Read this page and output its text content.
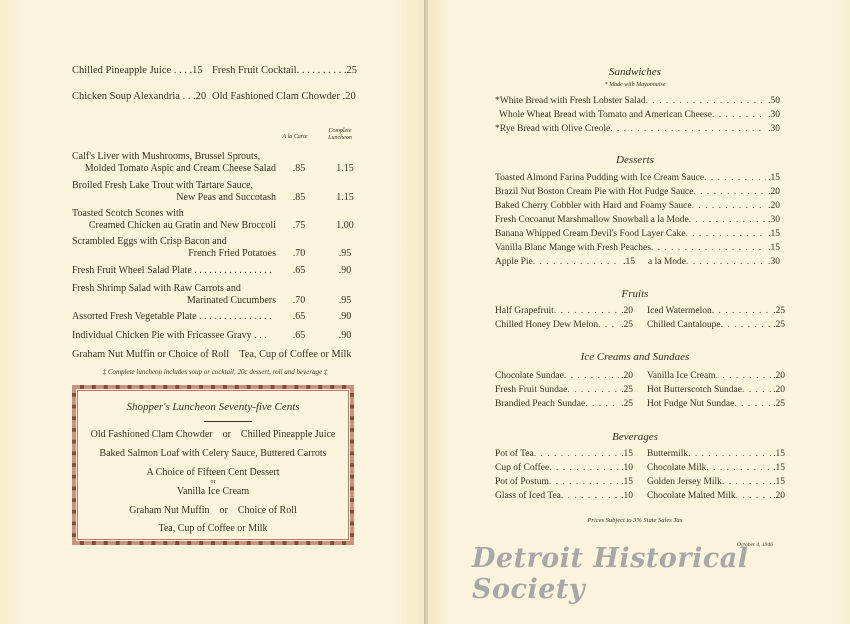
Chilled Pineapple Juice . . . .15 Fresh Fruit Cocktail. . . . . . . . . .25
Chicken Soup Alexandria . . .20 Old Fashioned Clam Chowder .20
A la Carte
Complete
Luncheon
Calf's Liver with Mushrooms, Brussel Sprouts,
Molded Tomato Aspic and Cream Cheese Salad	.85	1.15
Broiled Fresh Lake Trout with Tartare Sauce,
New Peas and Succotash	.85	1.15
Toasted Scotch Scones with
Creamed Chicken au Gratin and New Broccoli	.75	1.00
Scrambled Eggs with Crisp Bacon and
French Fried Potatoes	.70	.95
Fresh Fruit Wheel Salad Plate . . . . . . . . . . . . . . . .	.65	.90
Fresh Shrimp Salad with Raw Carrots and
Marinated Cucumbers	.70	.95
Assorted Fresh Vegetable Plate . . . . . . . . . . . . . . .	.65	.90
Individual Chicken Pie with Fricassee Gravy . . .	.65	.90
Graham Nut Muffin or Choice of Roll    Tea, Cup of Coffee or Milk
‡ Complete luncheon includes soup or cocktail, 20c dessert, roll and beverage ‡
Shopper's Luncheon Seventy-five Cents
Old Fashioned Clam Chowder    or    Chilled Pineapple Juice
Baked Salmon Loaf with Celery Sauce, Buttered Carrots
A Choice of Fifteen Cent Dessert
or
Vanilla Ice Cream
Graham Nut Muffin    or    Choice of Roll
Tea, Cup of Coffee or Milk
Sandwiches
* Made with Mayonnaise
*White Bread with Fresh Lobster Salad . . .	.50
Whole Wheat Bread with Tomato and American Cheese . . .	.30
*Rye Bread with Olive Creole . . .	.30
Desserts
Toasted Almond Farina Pudding with Ice Cream Sauce . . .	.15
Brazil Nut Boston Cream Pie with Hot Fudge Sauce . . .	.20
Baked Cherry Cobbler with Hard and Foamy Sauce . . .	.20
Fresh Cocoanut Marshmallow Snowball a la Mode . . .	.30
Banana Whipped Cream Devil's Food Layer Cake . . .	.15
Vanilla Blanc Mange with Fresh Peaches . . .	.15
Apple Pie . . .	.15 a la Mode . . .	.30
Fruits
Half Grapefruit . . .	.20 Iced Watermelon . . .	.25
Chilled Honey Dew Melon . . . .25 Chilled Cantaloupe . . .	.25
Ice Creams and Sundaes
Chocolate Sundae . . .	.20 Vanilla Ice Cream . . .	.20
Fresh Fruit Sundae . . .	.25 Hot Butterscotch Sundae . . .	.20
Brandied Peach Sundae . . .	.25 Hot Fudge Nut Sundae . . .	.25
Beverages
Pot of Tea . . .	.15 Buttermilk . . .	.15
Cup of Coffee . . .	.10 Chocolate Milk . . .	.15
Pot of Postum . . .	.15 Golden Jersey Milk . . .	.15
Glass of Iced Tea . . .	.10 Chocolate Malted Milk . . .	.20
Prices Subject to 3% State Sales Tax
October 4, 1946
Detroit Historical Society
